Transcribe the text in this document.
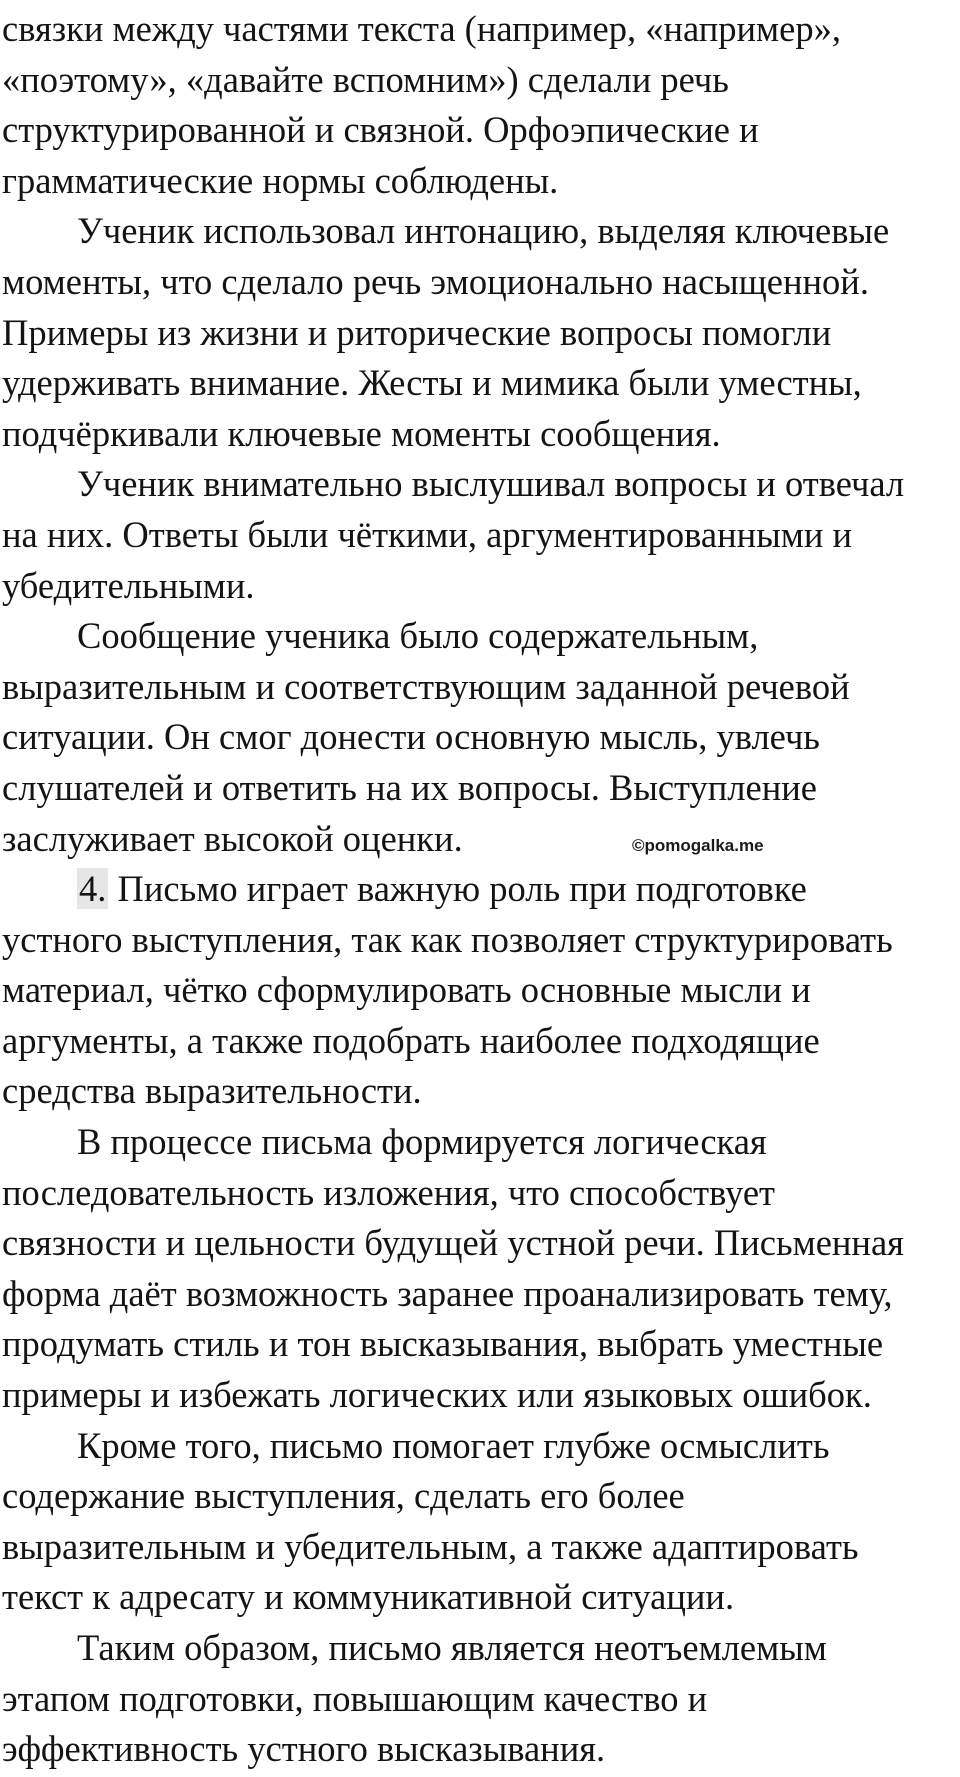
связки между частями текста (например, «например»,
«поэтому», «давайте вспомним») сделали речь
структурированной и связной. Орфоэпические и
грамматические нормы соблюдены.
Ученик использовал интонацию, выделяя ключевые
моменты, что сделало речь эмоционально насыщенной.
Примеры из жизни и риторические вопросы помогли
удерживать внимание. Жесты и мимика были уместны,
подчёркивали ключевые моменты сообщения.
Ученик внимательно выслушивал вопросы и отвечал
на них. Ответы были чёткими, аргументированными и
убедительными.
Сообщение ученика было содержательным,
выразительным и соответствующим заданной речевой
ситуации. Он смог донести основную мысль, увлечь
слушателей и ответить на их вопросы. Выступление
заслуживает высокой оценки.
4. Письмо играет важную роль при подготовке
устного выступления, так как позволяет структурировать
материал, чётко сформулировать основные мысли и
аргументы, а также подобрать наиболее подходящие
средства выразительности.
В процессе письма формируется логическая
последовательность изложения, что способствует
связности и цельности будущей устной речи. Письменная
форма даёт возможность заранее проанализировать тему,
продумать стиль и тон высказывания, выбрать уместные
примеры и избежать логических или языковых ошибок.
Кроме того, письмо помогает глубже осмыслить
содержание выступления, сделать его более
выразительным и убедительным, а также адаптировать
текст к адресату и коммуникативной ситуации.
Таким образом, письмо является неотъемлемым
этапом подготовки, повышающим качество и
эффективность устного высказывания.
©pomogalka.me
